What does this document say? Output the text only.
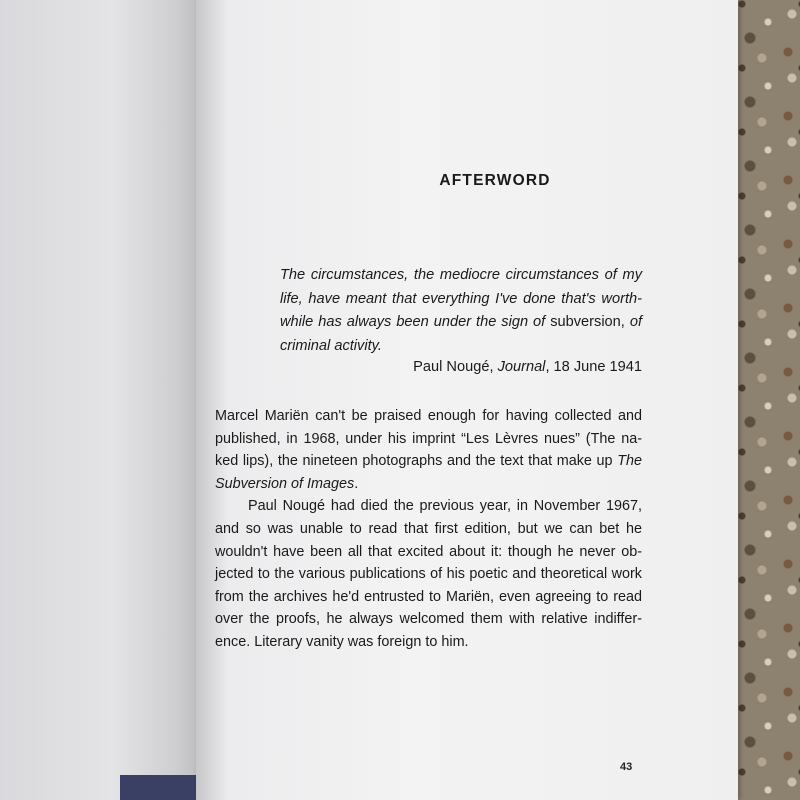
AFTERWORD
The circumstances, the mediocre circumstances of my life, have meant that everything I've done that's worthwhile has always been under the sign of subversion, of criminal activity.
Paul Nougé, Journal, 18 June 1941

Marcel Mariën can't be praised enough for having collected and published, in 1968, under his imprint “Les Lèvres nues” (The naked lips), the nineteen photographs and the text that make up The Subversion of Images.

Paul Nougé had died the previous year, in November 1967, and so was unable to read that first edition, but we can bet he wouldn't have been all that excited about it: though he never objected to the various publications of his poetic and theoretical work from the archives he'd entrusted to Mariën, even agreeing to read over the proofs, he always welcomed them with relative indifference. Literary vanity was foreign to him.

43
